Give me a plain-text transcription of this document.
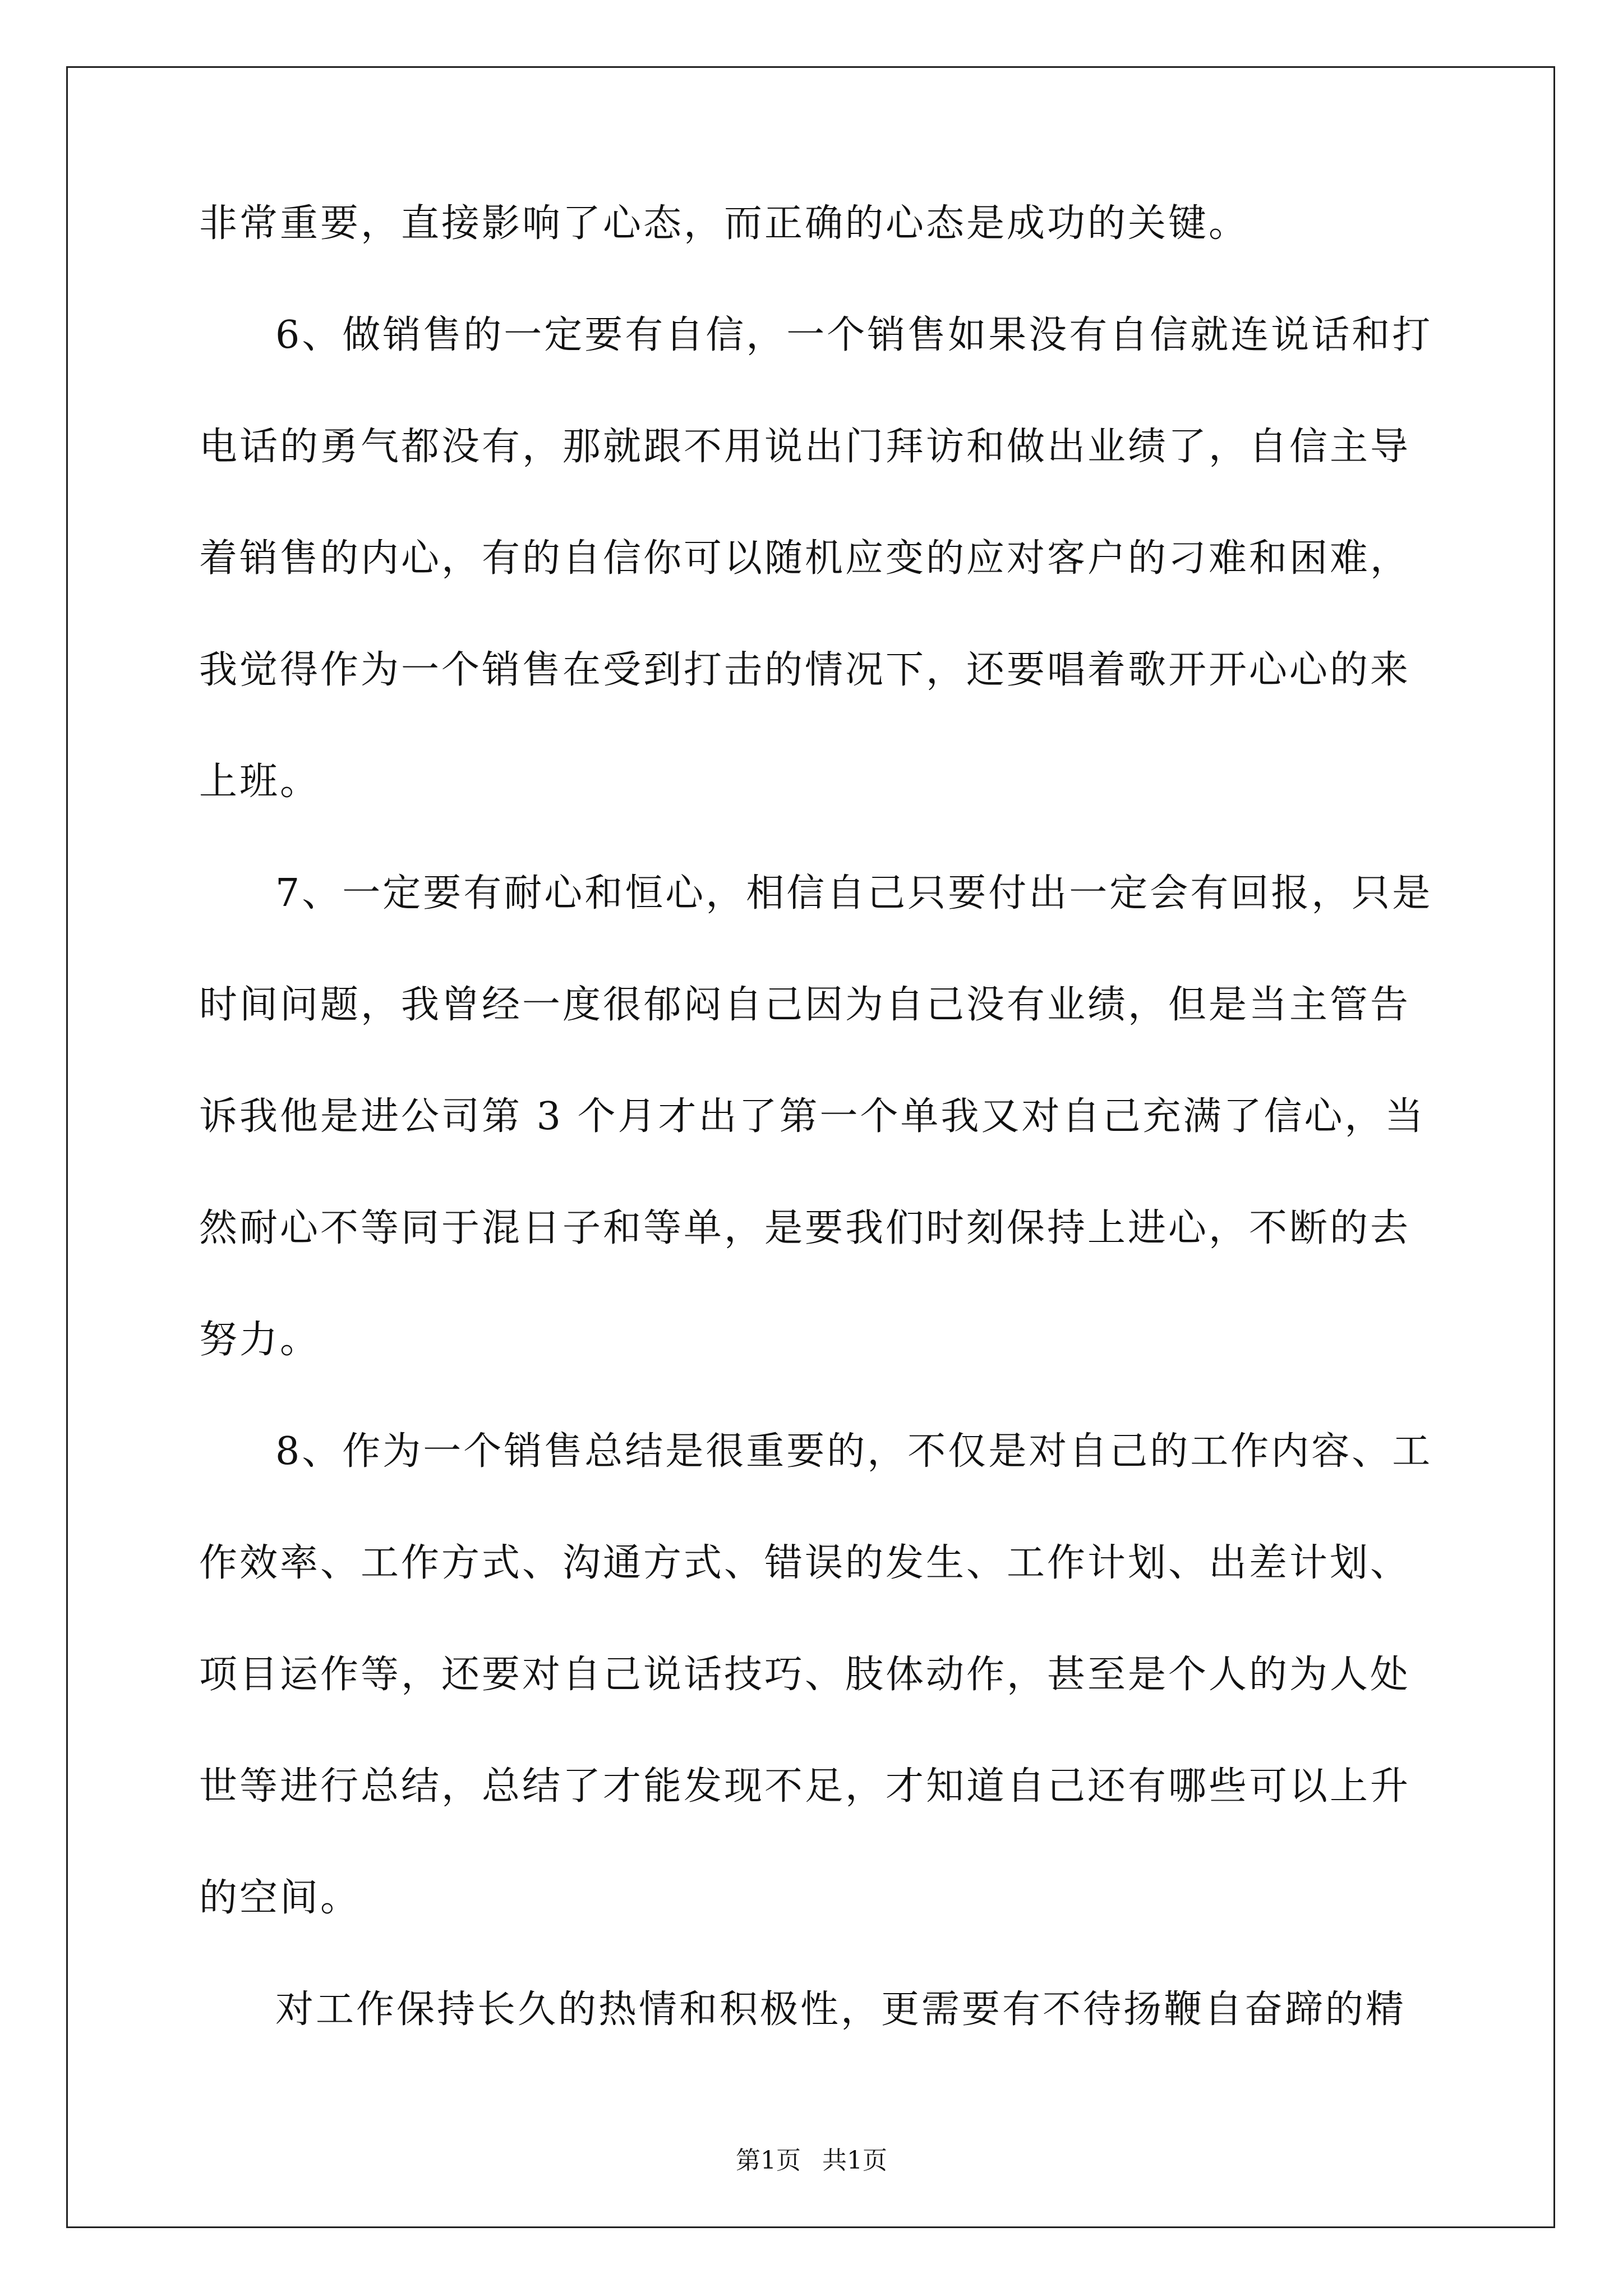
非常重要，直接影响了心态，而正确的心态是成功的关键。
6、做销售的一定要有自信，一个销售如果没有自信就连说话和打
电话的勇气都没有，那就跟不用说出门拜访和做出业绩了，自信主导
着销售的内心，有的自信你可以随机应变的应对客户的刁难和困难，
我觉得作为一个销售在受到打击的情况下，还要唱着歌开开心心的来
上班。
7、一定要有耐心和恒心，相信自己只要付出一定会有回报，只是
时间问题，我曾经一度很郁闷自己因为自己没有业绩，但是当主管告
诉我他是进公司第 3 个月才出了第一个单我又对自己充满了信心，当
然耐心不等同于混日子和等单，是要我们时刻保持上进心，不断的去
努力。
8、作为一个销售总结是很重要的，不仅是对自己的工作内容、工
作效率、工作方式、沟通方式、错误的发生、工作计划、出差计划、
项目运作等，还要对自己说话技巧、肢体动作，甚至是个人的为人处
世等进行总结，总结了才能发现不足，才知道自己还有哪些可以上升
的空间。
对工作保持长久的热情和积极性，更需要有不待扬鞭自奋蹄的精
第1页 共1页
